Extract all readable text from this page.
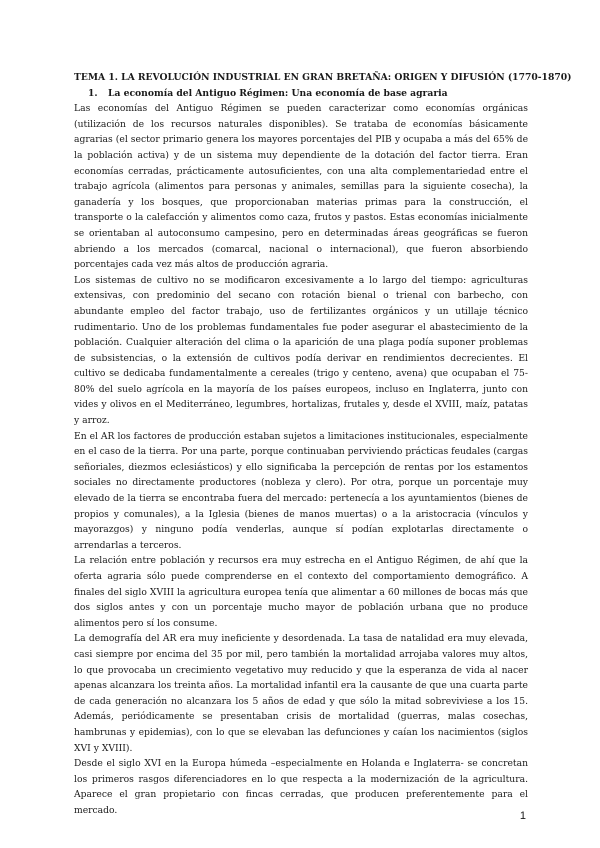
TEMA 1. LA REVOLUCIÓN INDUSTRIAL EN GRAN BRETAÑA: ORIGEN Y DIFUSIÓN (1770-1870)

1. La economía del Antiguo Régimen: Una economía de base agraria

Las economías del Antiguo Régimen se pueden caracterizar como economías orgánicas (utilización de los recursos naturales disponibles). Se trataba de economías básicamente agrarias (el sector primario genera los mayores porcentajes del PIB y ocupaba a más del 65% de la población activa) y de un sistema muy dependiente de la dotación del factor tierra. Eran economías cerradas, prácticamente autosuficientes, con una alta complementariedad entre el trabajo agrícola (alimentos para personas y animales, semillas para la siguiente cosecha), la ganadería y los bosques, que proporcionaban materias primas para la construcción, el transporte o la calefacción y alimentos como caza, frutos y pastos. Estas economías inicialmente se orientaban al autoconsumo campesino, pero en determinadas áreas geográficas se fueron abriendo a los mercados (comarcal, nacional o internacional), que fueron absorbiendo porcentajes cada vez más altos de producción agraria.

Los sistemas de cultivo no se modificaron excesivamente a lo largo del tiempo: agriculturas extensivas, con predominio del secano con rotación bienal o trienal con barbecho, con abundante empleo del factor trabajo, uso de fertilizantes orgánicos y un utillaje técnico rudimentario. Uno de los problemas fundamentales fue poder asegurar el abastecimiento de la población. Cualquier alteración del clima o la aparición de una plaga podía suponer problemas de subsistencias, o la extensión de cultivos podía derivar en rendimientos decrecientes. El cultivo se dedicaba fundamentalmente a cereales (trigo y centeno, avena) que ocupaban el 75-80% del suelo agrícola en la mayoría de los países europeos, incluso en Inglaterra, junto con vides y olivos en el Mediterráneo, legumbres, hortalizas, frutales y, desde el XVIII, maíz, patatas y arroz.

En el AR los factores de producción estaban sujetos a limitaciones institucionales, especialmente en el caso de la tierra. Por una parte, porque continuaban perviviendo prácticas feudales (cargas señoriales, diezmos eclesiásticos) y ello significaba la percepción de rentas por los estamentos sociales no directamente productores (nobleza y clero). Por otra, porque un porcentaje muy elevado de la tierra se encontraba fuera del mercado: pertenecía a los ayuntamientos (bienes de propios y comunales), a la Iglesia (bienes de manos muertas) o a la aristocracia (vínculos y mayorazgos) y ninguno podía venderlas, aunque sí podían explotarlas directamente o arrendarlas a terceros.

La relación entre población y recursos era muy estrecha en el Antiguo Régimen, de ahí que la oferta agraria sólo puede comprenderse en el contexto del comportamiento demográfico. A finales del siglo XVIII la agricultura europea tenía que alimentar a 60 millones de bocas más que dos siglos antes y con un porcentaje mucho mayor de población urbana que no produce alimentos pero sí los consume.

La demografía del AR era muy ineficiente y desordenada. La tasa de natalidad era muy elevada, casi siempre por encima del 35 por mil, pero también la mortalidad arrojaba valores muy altos, lo que provocaba un crecimiento vegetativo muy reducido y que la esperanza de vida al nacer apenas alcanzara los treinta años. La mortalidad infantil era la causante de que una cuarta parte de cada generación no alcanzara los 5 años de edad y que sólo la mitad sobreviviese a los 15. Además, periódicamente se presentaban crisis de mortalidad (guerras, malas cosechas, hambrunas y epidemias), con lo que se elevaban las defunciones y caían los nacimientos (siglos XVI y XVIII).

Desde el siglo XVI en la Europa húmeda –especialmente en Holanda e Inglaterra- se concretan los primeros rasgos diferenciadores en lo que respecta a la modernización de la agricultura. Aparece el gran propietario con fincas cerradas, que producen preferentemente para el mercado.	1
